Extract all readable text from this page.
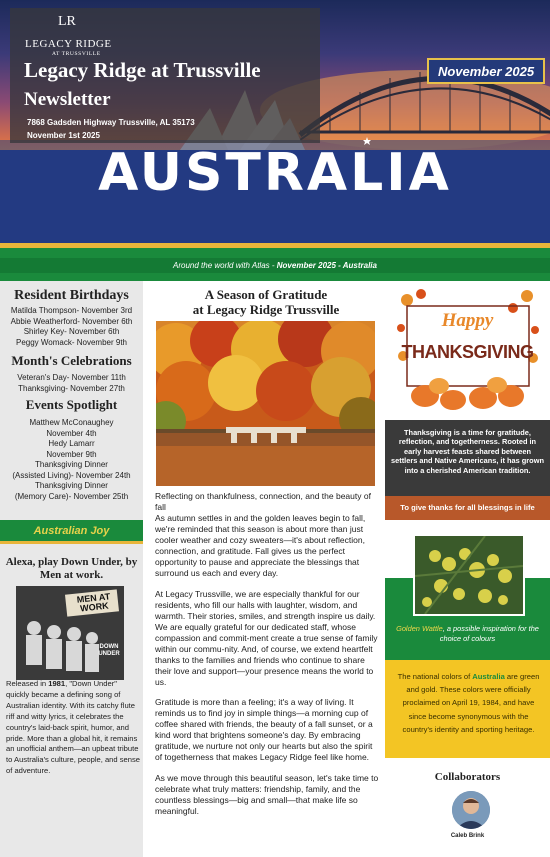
AUSTRALIA
LR
LEGACY RIDGE
AT TRUSSVILLE
Legacy Ridge at Trussville
Newsletter
7868 Gadsden Highway Trussville, AL 35173
November 1st 2025
November 2025
Around the world with Atlas - November 2025 - Australia
Resident Birthdays
Matilda Thompson- November 3rd
Abbie Weatherford- November 6th
Shirley Key- November 6th
Peggy Womack- November 9th
Month's Celebrations
Veteran's Day- November 11th
Thanksgiving- November 27th
Events Spotlight
Matthew McConaughey
November 4th
Hedy Lamarr
November 9th
Thanksgiving Dinner
(Assisted Living)- November 24th
Thanksgiving Dinner
(Memory Care)- November 25th
Australian Joy
Alexa, play Down Under, by Men at work.
MEN AT WORK
DOWN UNDER
Released in 1981, "Down Under" quickly became a defining song of Australian identity. With its catchy flute riff and witty lyrics, it celebrates the country's laid-back spirit, humor, and pride. More than a global hit, it remains an unofficial anthem—an upbeat tribute to Australia's culture, people, and sense of adventure.
A Season of Gratitude
at Legacy Ridge Trussville

Reflecting on thankfulness, connection, and the beauty of fall
As autumn settles in and the golden leaves begin to fall, we're reminded that this season is about more than just cooler weather and cozy sweaters—it's about reflection, connection, and gratitude. Fall gives us the perfect opportunity to pause and appreciate the blessings that surround us each and every day.

At Legacy Trussville, we are especially thankful for our residents, who fill our halls with laughter, wisdom, and warmth. Their stories, smiles, and strength inspire us daily. We are equally grateful for our dedicated staff, whose compassion and commit-ment create a true sense of family within our commu-nity. And, of course, we extend heartfelt thanks to the families and friends who continue to share their love and support—your presence means the world to us.

Gratitude is more than a feeling; it's a way of living. It reminds us to find joy in simple things—a morning cup of coffee shared with friends, the beauty of a fall sunset, or a kind word that brightens someone's day. By embracing gratitude, we nurture not only our hearts but also the spirit of togetherness that makes Legacy Ridge feel like home.

As we move through this beautiful season, let's take time to celebrate what truly matters: friendship, family, and the countless blessings—big and small—that make life so meaningful.

Happy
THANKSGIVING
Thanksgiving is a time for gratitude, reflection, and togetherness. Rooted in early harvest feasts shared between settlers and Native Americans, it has grown into a cherished American tradition.
To give thanks for all blessings in life
Golden Wattle, a possible inspiration for the choice of colours
The national colors of Australia are green and gold. These colors were officially proclaimed on April 19, 1984, and have since become synonymous with the country's identity and sporting heritage.
Collaborators
Caleb Brink
